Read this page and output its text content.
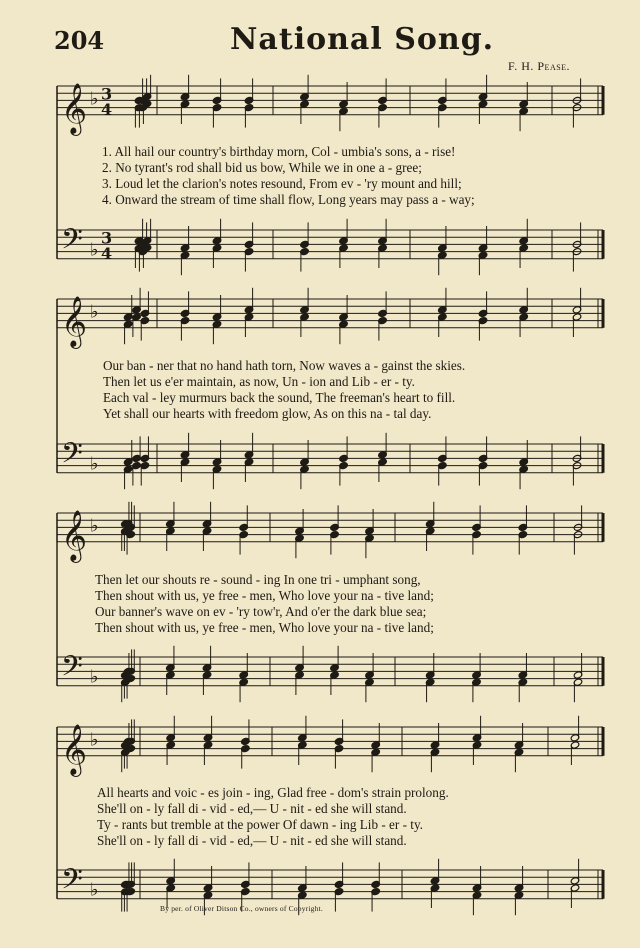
204	National Song.
F. H. Pease.
𝄞 ♭ 3
4
𝄢 ♭
3
4
𝄞 ♭
𝄢 ♭
𝄞 ♭
𝄢 ♭
𝄞 ♭
𝄢 ♭
1. All hail our country's birthday morn, Col - umbia's sons, a - rise!
2. No tyrant's rod shall bid us bow, While we in one a - gree;
3. Loud let the clarion's notes resound, From ev - 'ry mount and hill;
4. Onward the stream of time shall flow, Long years may pass a - way;
Our ban - ner that no hand hath torn, Now waves a - gainst the skies.
Then let us e'er maintain, as now, Un - ion and Lib - er - ty.
Each val - ley murmurs back the sound, The freeman's heart to fill.
Yet shall our hearts with freedom glow, As on this na - tal day.
Then let our shouts re - sound - ing In one tri - umphant song,
Then shout with us, ye free - men, Who love your na - tive land;
Our banner's wave on ev - 'ry tow'r, And o'er the dark blue sea;
Then shout with us, ye free - men, Who love your na - tive land;
All hearts and voic - es join - ing, Glad free - dom's strain prolong.
She'll on - ly fall di - vid - ed,— U - nit - ed she will stand.
Ty - rants but tremble at the power Of dawn - ing Lib - er - ty.
She'll on - ly fall di - vid - ed,— U - nit - ed she will stand.
By per. of Oliver Ditson Co., owners of Copyright.
